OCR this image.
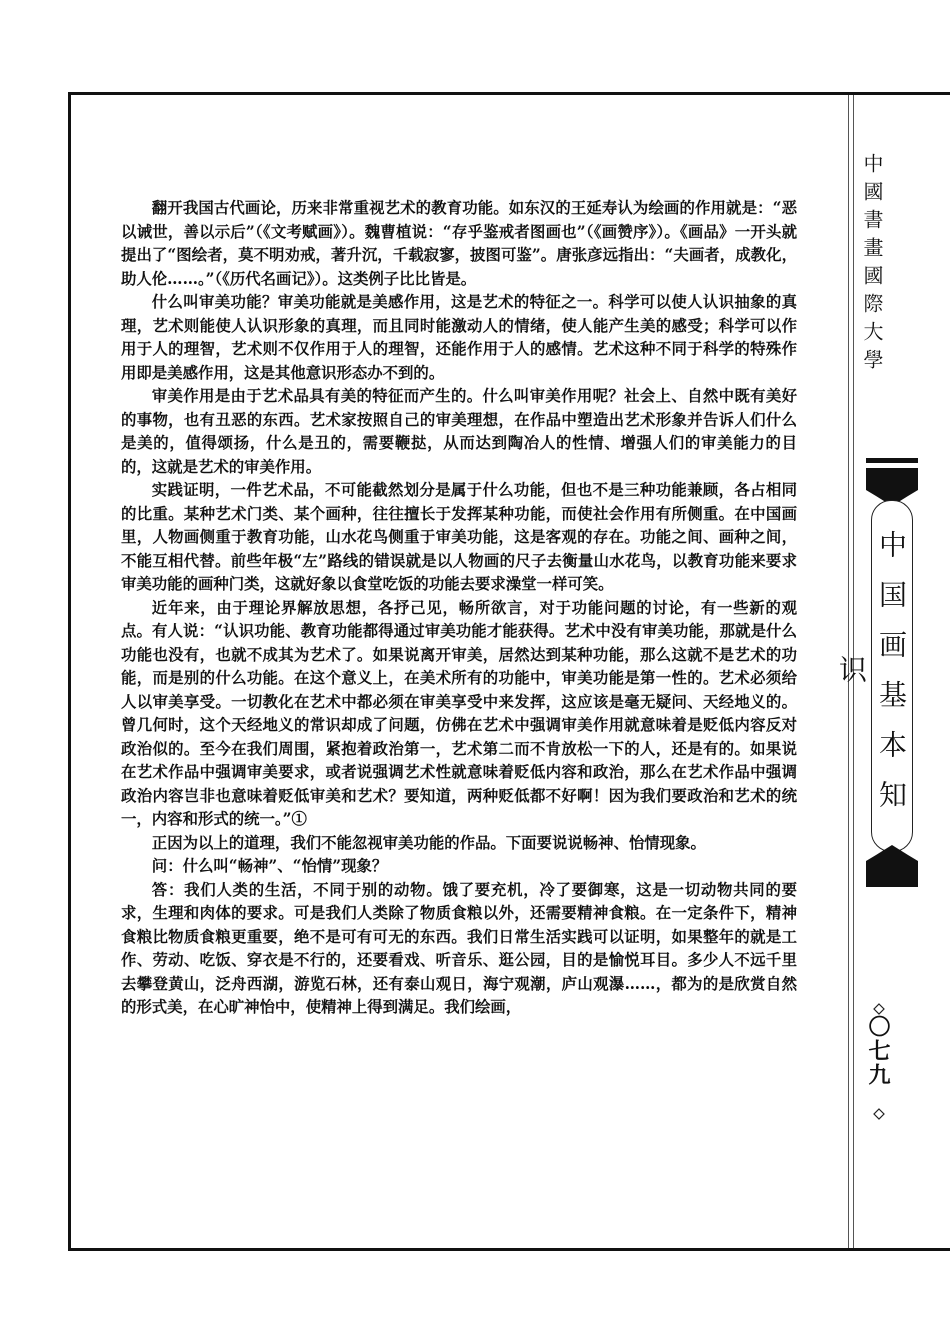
翻开我国古代画论，历来非常重视艺术的教育功能。如东汉的王延寿认为绘画的作用就是：“恶以诫世，善以示后”（《文考赋画》）。魏曹植说：“存乎鉴戒者图画也”（《画赞序》）。《画品》一开头就提出了“图绘者，莫不明劝戒，著升沉，千载寂寥，披图可鉴”。唐张彦远指出：“夫画者，成教化，助人伦……。”（《历代名画记》）。这类例子比比皆是。

什么叫审美功能？审美功能就是美感作用，这是艺术的特征之一。科学可以使人认识抽象的真理，艺术则能使人认识形象的真理，而且同时能激动人的情绪，使人能产生美的感受；科学可以作用于人的理智，艺术则不仅作用于人的理智，还能作用于人的感情。艺术这种不同于科学的特殊作用即是美感作用，这是其他意识形态办不到的。

审美作用是由于艺术品具有美的特征而产生的。什么叫审美作用呢？社会上、自然中既有美好的事物，也有丑恶的东西。艺术家按照自己的审美理想，在作品中塑造出艺术形象并告诉人们什么是美的，值得颂扬，什么是丑的，需要鞭挞，从而达到陶冶人的性情、增强人们的审美能力的目的，这就是艺术的审美作用。

实践证明，一件艺术品，不可能截然划分是属于什么功能，但也不是三种功能兼顾，各占相同的比重。某种艺术门类、某个画种，往往擅长于发挥某种功能，而使社会作用有所侧重。在中国画里，人物画侧重于教育功能，山水花鸟侧重于审美功能，这是客观的存在。功能之间、画种之间，不能互相代替。前些年极“左”路线的错误就是以人物画的尺子去衡量山水花鸟，以教育功能来要求审美功能的画种门类，这就好象以食堂吃饭的功能去要求澡堂一样可笑。

近年来，由于理论界解放思想，各抒己见，畅所欲言，对于功能问题的讨论，有一些新的观点。有人说：“认识功能、教育功能都得通过审美功能才能获得。艺术中没有审美功能，那就是什么功能也没有，也就不成其为艺术了。如果说离开审美，居然达到某种功能，那么这就不是艺术的功能，而是别的什么功能。在这个意义上，在美术所有的功能中，审美功能是第一性的。艺术必须给人以审美享受。一切教化在艺术中都必须在审美享受中来发挥，这应该是毫无疑问、天经地义的。曾几何时，这个天经地义的常识却成了问题，仿佛在艺术中强调审美作用就意味着是贬低内容反对政治似的。至今在我们周围，紧抱着政治第一，艺术第二而不肯放松一下的人，还是有的。如果说在艺术作品中强调审美要求，或者说强调艺术性就意味着贬低内容和政治，那么在艺术作品中强调政治内容岂非也意味着贬低审美和艺术？要知道，两种贬低都不好啊！因为我们要政治和艺术的统一，内容和形式的统一。”①

正因为以上的道理，我们不能忽视审美功能的作品。下面要说说畅神、怡情现象。

问：什么叫“畅神”、“怡情”现象？

答：我们人类的生活，不同于别的动物。饿了要充机，冷了要御寒，这是一切动物共同的要求，生理和肉体的要求。可是我们人类除了物质食粮以外，还需要精神食粮。在一定条件下，精神食粮比物质食粮更重要，绝不是可有可无的东西。我们日常生活实践可以证明，如果整年的就是工作、劳动、吃饭、穿衣是不行的，还要看戏、听音乐、逛公园，目的是愉悦耳目。多少人不远千里去攀登黄山，泛舟西湖，游览石林，还有泰山观日，海宁观潮，庐山观瀑……，都为的是欣赏自然的形式美，在心旷神怡中，使精神上得到满足。我们绘画，

中國書畫國際大學
中国画基本知识
〇七九
